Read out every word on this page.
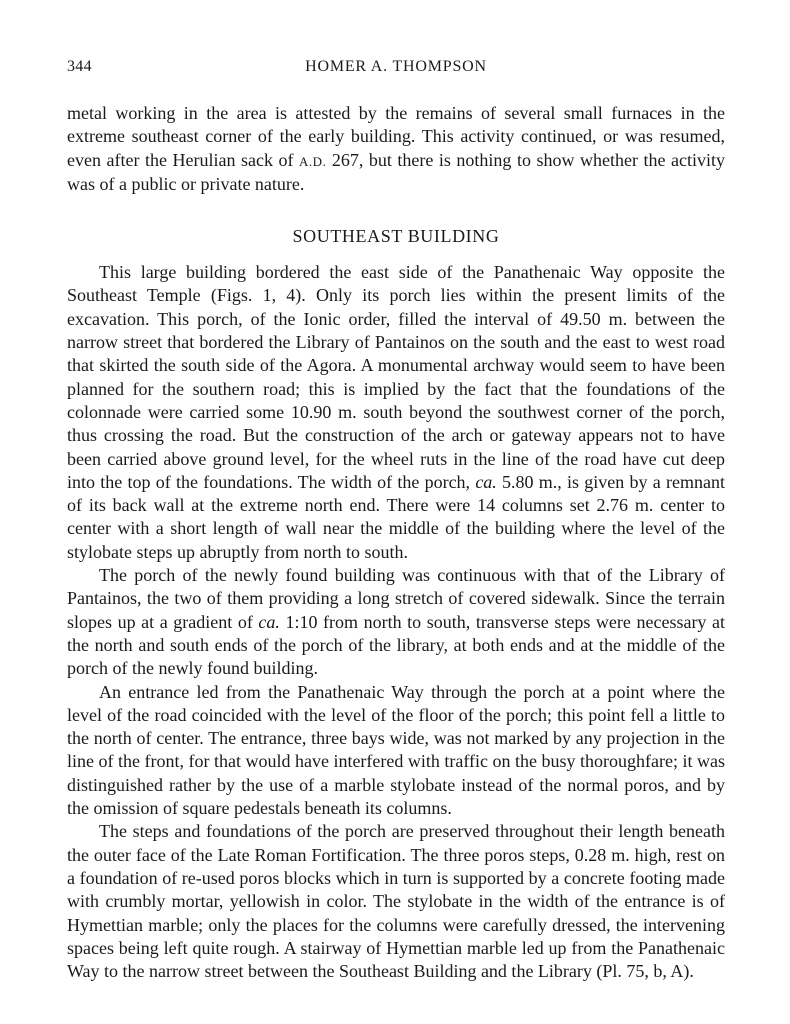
344	HOMER A. THOMPSON

metal working in the area is attested by the remains of several small furnaces in the extreme southeast corner of the early building. This activity continued, or was resumed, even after the Herulian sack of A.D. 267, but there is nothing to show whether the activity was of a public or private nature.

SOUTHEAST BUILDING

This large building bordered the east side of the Panathenaic Way opposite the Southeast Temple (Figs. 1, 4). Only its porch lies within the present limits of the excavation. This porch, of the Ionic order, filled the interval of 49.50 m. between the narrow street that bordered the Library of Pantainos on the south and the east to west road that skirted the south side of the Agora. A monumental archway would seem to have been planned for the southern road; this is implied by the fact that the foundations of the colonnade were carried some 10.90 m. south beyond the southwest corner of the porch, thus crossing the road. But the construction of the arch or gateway appears not to have been carried above ground level, for the wheel ruts in the line of the road have cut deep into the top of the foundations. The width of the porch, ca. 5.80 m., is given by a remnant of its back wall at the extreme north end. There were 14 columns set 2.76 m. center to center with a short length of wall near the middle of the building where the level of the stylobate steps up abruptly from north to south.

The porch of the newly found building was continuous with that of the Library of Pantainos, the two of them providing a long stretch of covered sidewalk. Since the terrain slopes up at a gradient of ca. 1:10 from north to south, transverse steps were necessary at the north and south ends of the porch of the library, at both ends and at the middle of the porch of the newly found building.

An entrance led from the Panathenaic Way through the porch at a point where the level of the road coincided with the level of the floor of the porch; this point fell a little to the north of center. The entrance, three bays wide, was not marked by any projection in the line of the front, for that would have interfered with traffic on the busy thoroughfare; it was distinguished rather by the use of a marble stylobate instead of the normal poros, and by the omission of square pedestals beneath its columns.

The steps and foundations of the porch are preserved throughout their length beneath the outer face of the Late Roman Fortification. The three poros steps, 0.28 m. high, rest on a foundation of re-used poros blocks which in turn is supported by a concrete footing made with crumbly mortar, yellowish in color. The stylobate in the width of the entrance is of Hymettian marble; only the places for the columns were carefully dressed, the intervening spaces being left quite rough. A stairway of Hymettian marble led up from the Panathenaic Way to the narrow street between the Southeast Building and the Library (Pl. 75, b, A).
